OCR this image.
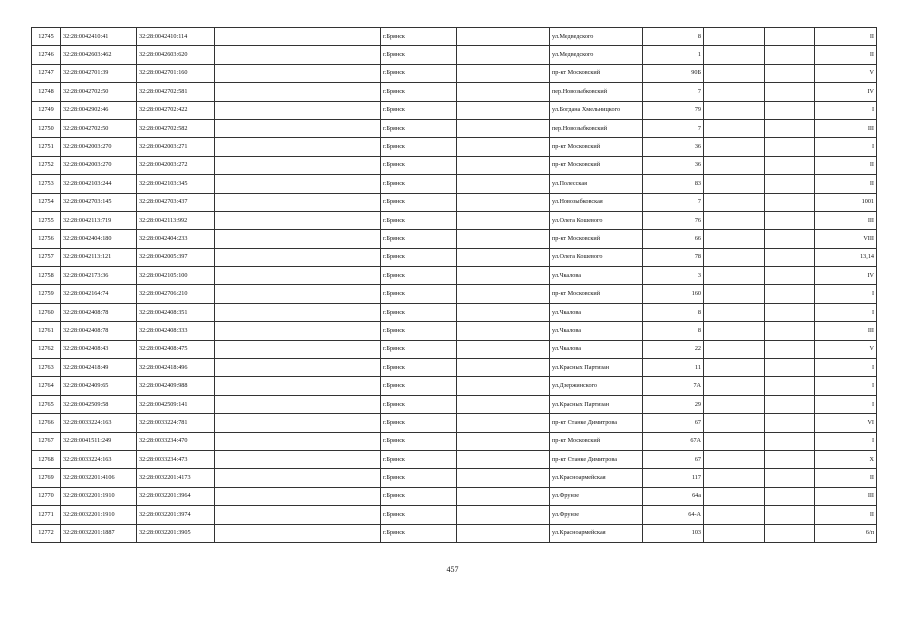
12745	32:28:0042410:41	32:28:0042410:114		г.Брянск		ул.Медведского	8			II
12746	32:28:0042603:462	32:28:0042603:620		г.Брянск		ул.Медведского	1			II
12747	32:28:0042701:39	32:28:0042701:160		г.Брянск		пр-кт Московский	90Б			V
12748	32:28:0042702:50	32:28:0042702:581		г.Брянск		пер.Новозыбковский	7			IV
12749	32:28:0042902:46	32:28:0042702:422		г.Брянск		ул.Богдана Хмельницкого	79			I
12750	32:28:0042702:50	32:28:0042702:582		г.Брянск		пер.Новозыбковский	7			III
12751	32:28:0042003:270	32:28:0042003:271		г.Брянск		пр-кт Московский	36			I
12752	32:28:0042003:270	32:28:0042003:272		г.Брянск		пр-кт Московский	36			II
12753	32:28:0042103:244	32:28:0042103:345		г.Брянск		ул.Полесская	83			II
12754	32:28:0042703:145	32:28:0042703:437		г.Брянск		ул.Новозыбковская	7			1001
12755	32:28:0042113:719	32:28:0042113:992		г.Брянск		ул.Олега Кошевого	76			III
12756	32:28:0042404:180	32:28:0042404:233		г.Брянск		пр-кт Московский	66			VIII
12757	32:28:0042113:121	32:28:0042005:397		г.Брянск		ул.Олега Кошевого	78			13,14
12758	32:28:0042173:36	32:28:0042105:100		г.Брянск		ул.Чкалова	3			IV
12759	32:28:0042164:74	32:28:0042706:210		г.Брянск		пр-кт Московский	160			I
12760	32:28:0042408:78	32:28:0042408:351		г.Брянск		ул.Чкалова	8			I
12761	32:28:0042408:78	32:28:0042408:333		г.Брянск		ул.Чкалова	8			III
12762	32:28:0042408:43	32:28:0042408:475		г.Брянск		ул.Чкалова	22			V
12763	32:28:0042418:49	32:28:0042418:496		г.Брянск		ул.Красных Партизан	11			I
12764	32:28:0042409:65	32:28:0042409:988		г.Брянск		ул.Дзержинского	7А			I
12765	32:28:0042509:58	32:28:0042509:141		г.Брянск		ул.Красных Партизан	29			I
12766	32:28:0033224:163	32:28:0033224:781		г.Брянск		пр-кт Станке Димитрова	67			VI
12767	32:28:0041511:249	32:28:0033234:470		г.Брянск		пр-кт Московский	67А			I
12768	32:28:0033224:163	32:28:0033234:473		г.Брянск		пр-кт Станке Димитрова	67			X
12769	32:28:0032201:4106	32:28:0032201:4173		г.Брянск		ул.Красноармейская	117			II
12770	32:28:0032201:1910	32:28:0032201:3964		г.Брянск		ул.Фрунзе	64а			III
12771	32:28:0032201:1910	32:28:0032201:3974		г.Брянск		ул.Фрунзе	64-А			II
12772	32:28:0032201:1887	32:28:0032201:3905		г.Брянск		ул.Красноармейская	103			6/п
457
